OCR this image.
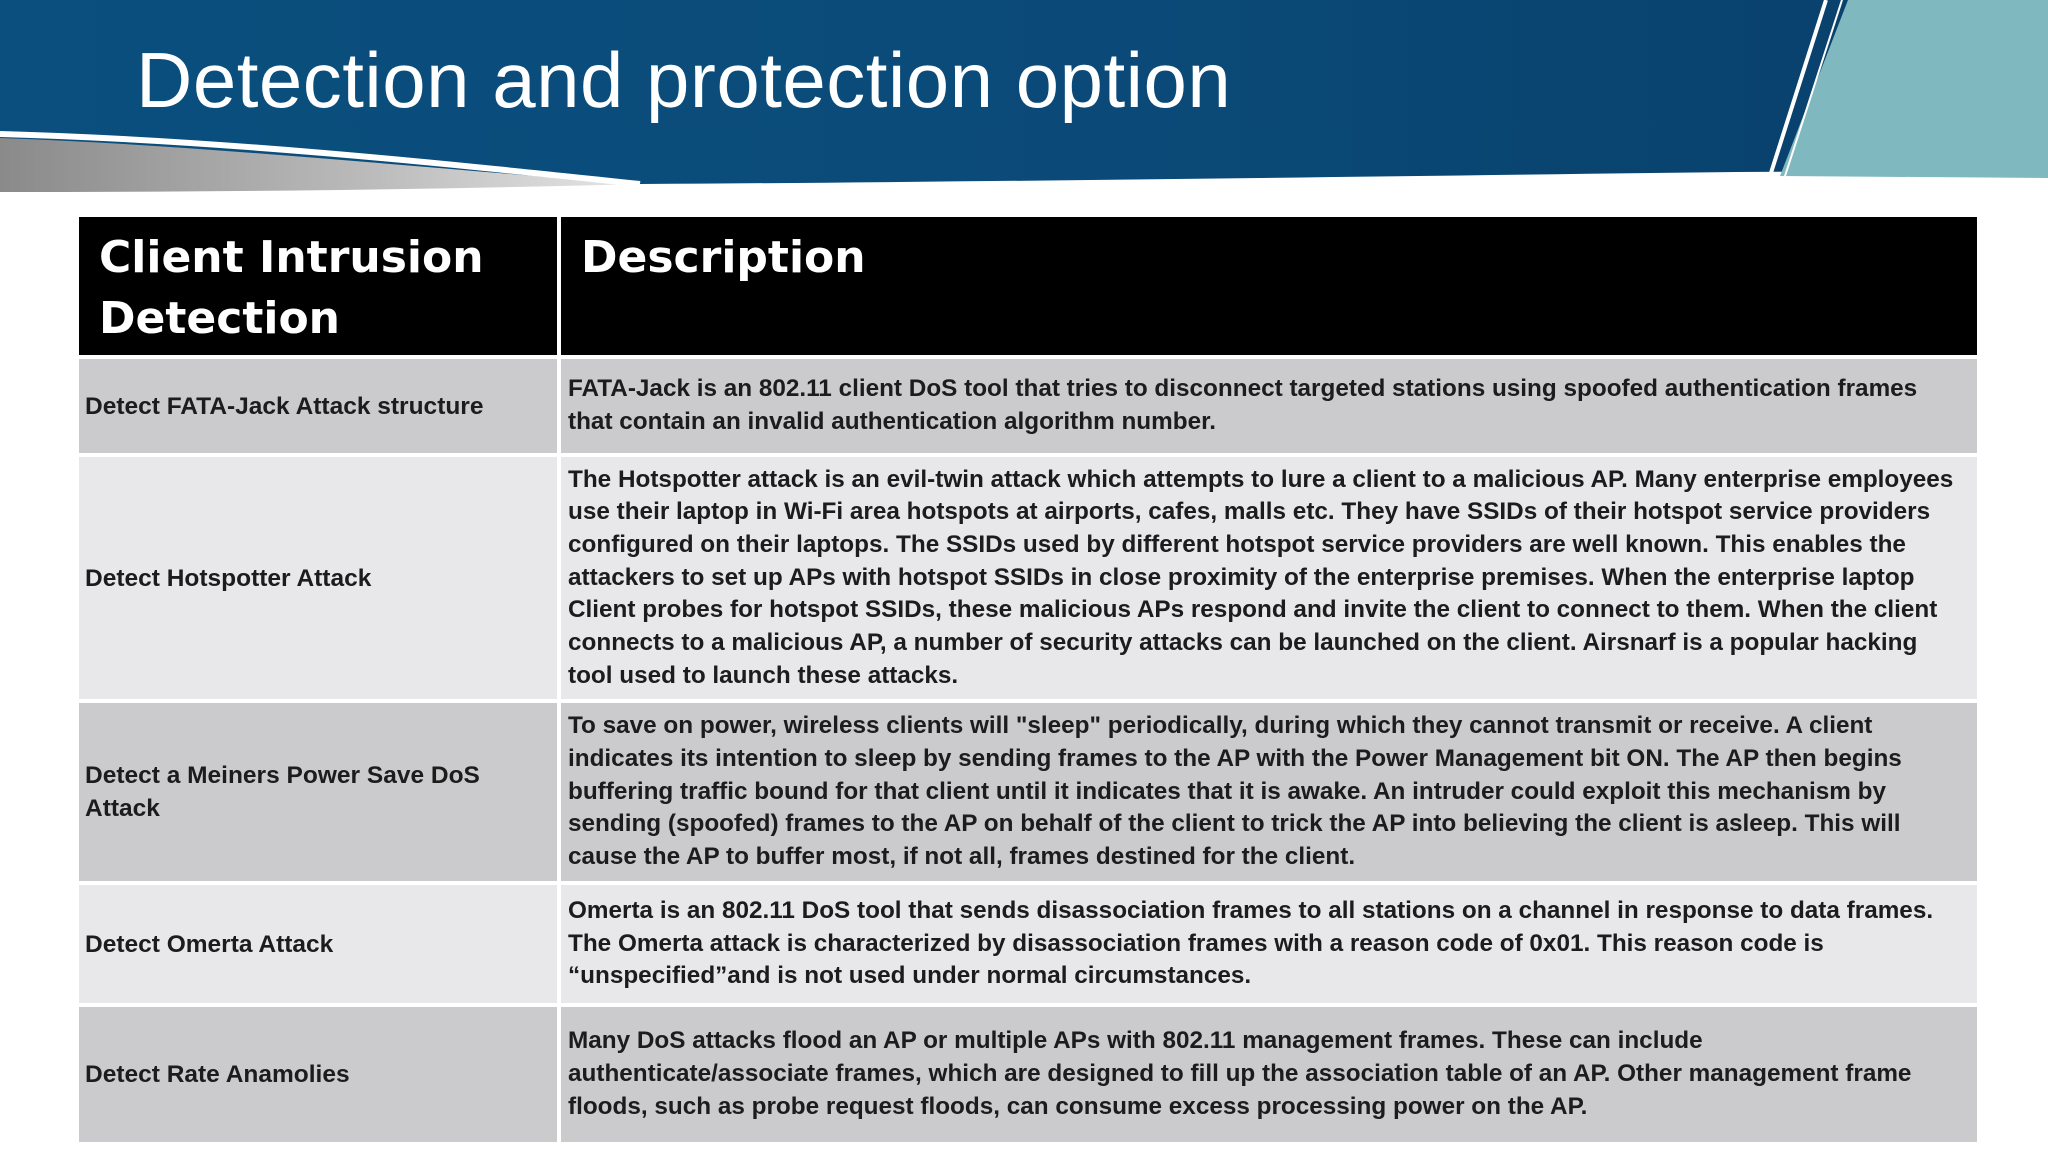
Detection and protection option
Client Intrusion Detection
Description
Detect FATA-Jack Attack structure
FATA-Jack is an 802.11 client DoS tool that tries to disconnect targeted stations using spoofed authentication frames that contain an invalid authentication algorithm number.
Detect Hotspotter Attack
The Hotspotter attack is an evil-twin attack which attempts to lure a client to a malicious AP. Many enterprise employees use their laptop in Wi-Fi area hotspots at airports, cafes, malls etc. They have SSIDs of their hotspot service providers configured on their laptops. The SSIDs used by different hotspot service providers are well known. This enables the attackers to set up APs with hotspot SSIDs in close proximity of the enterprise premises. When the enterprise laptop Client probes for hotspot SSIDs, these malicious APs respond and invite the client to connect to them. When the client connects to a malicious AP, a number of security attacks can be launched on the client. Airsnarf is a popular hacking tool used to launch these attacks.
Detect a Meiners Power Save DoS Attack
To save on power, wireless clients will "sleep" periodically, during which they cannot transmit or receive. A client indicates its intention to sleep by sending frames to the AP with the Power Management bit ON. The AP then begins buffering traffic bound for that client until it indicates that it is awake. An intruder could exploit this mechanism by sending (spoofed) frames to the AP on behalf of the client to trick the AP into believing the client is asleep. This will cause the AP to buffer most, if not all, frames destined for the client.
Detect Omerta Attack
Omerta is an 802.11 DoS tool that sends disassociation frames to all stations on a channel in response to data frames. The Omerta attack is characterized by disassociation frames with a reason code of 0x01. This reason code is “unspecified”and is not used under normal circumstances.
Detect Rate Anamolies
Many DoS attacks flood an AP or multiple APs with 802.11 management frames. These can include authenticate/associate frames, which are designed to fill up the association table of an AP. Other management frame floods, such as probe request floods, can consume excess processing power on the AP.
